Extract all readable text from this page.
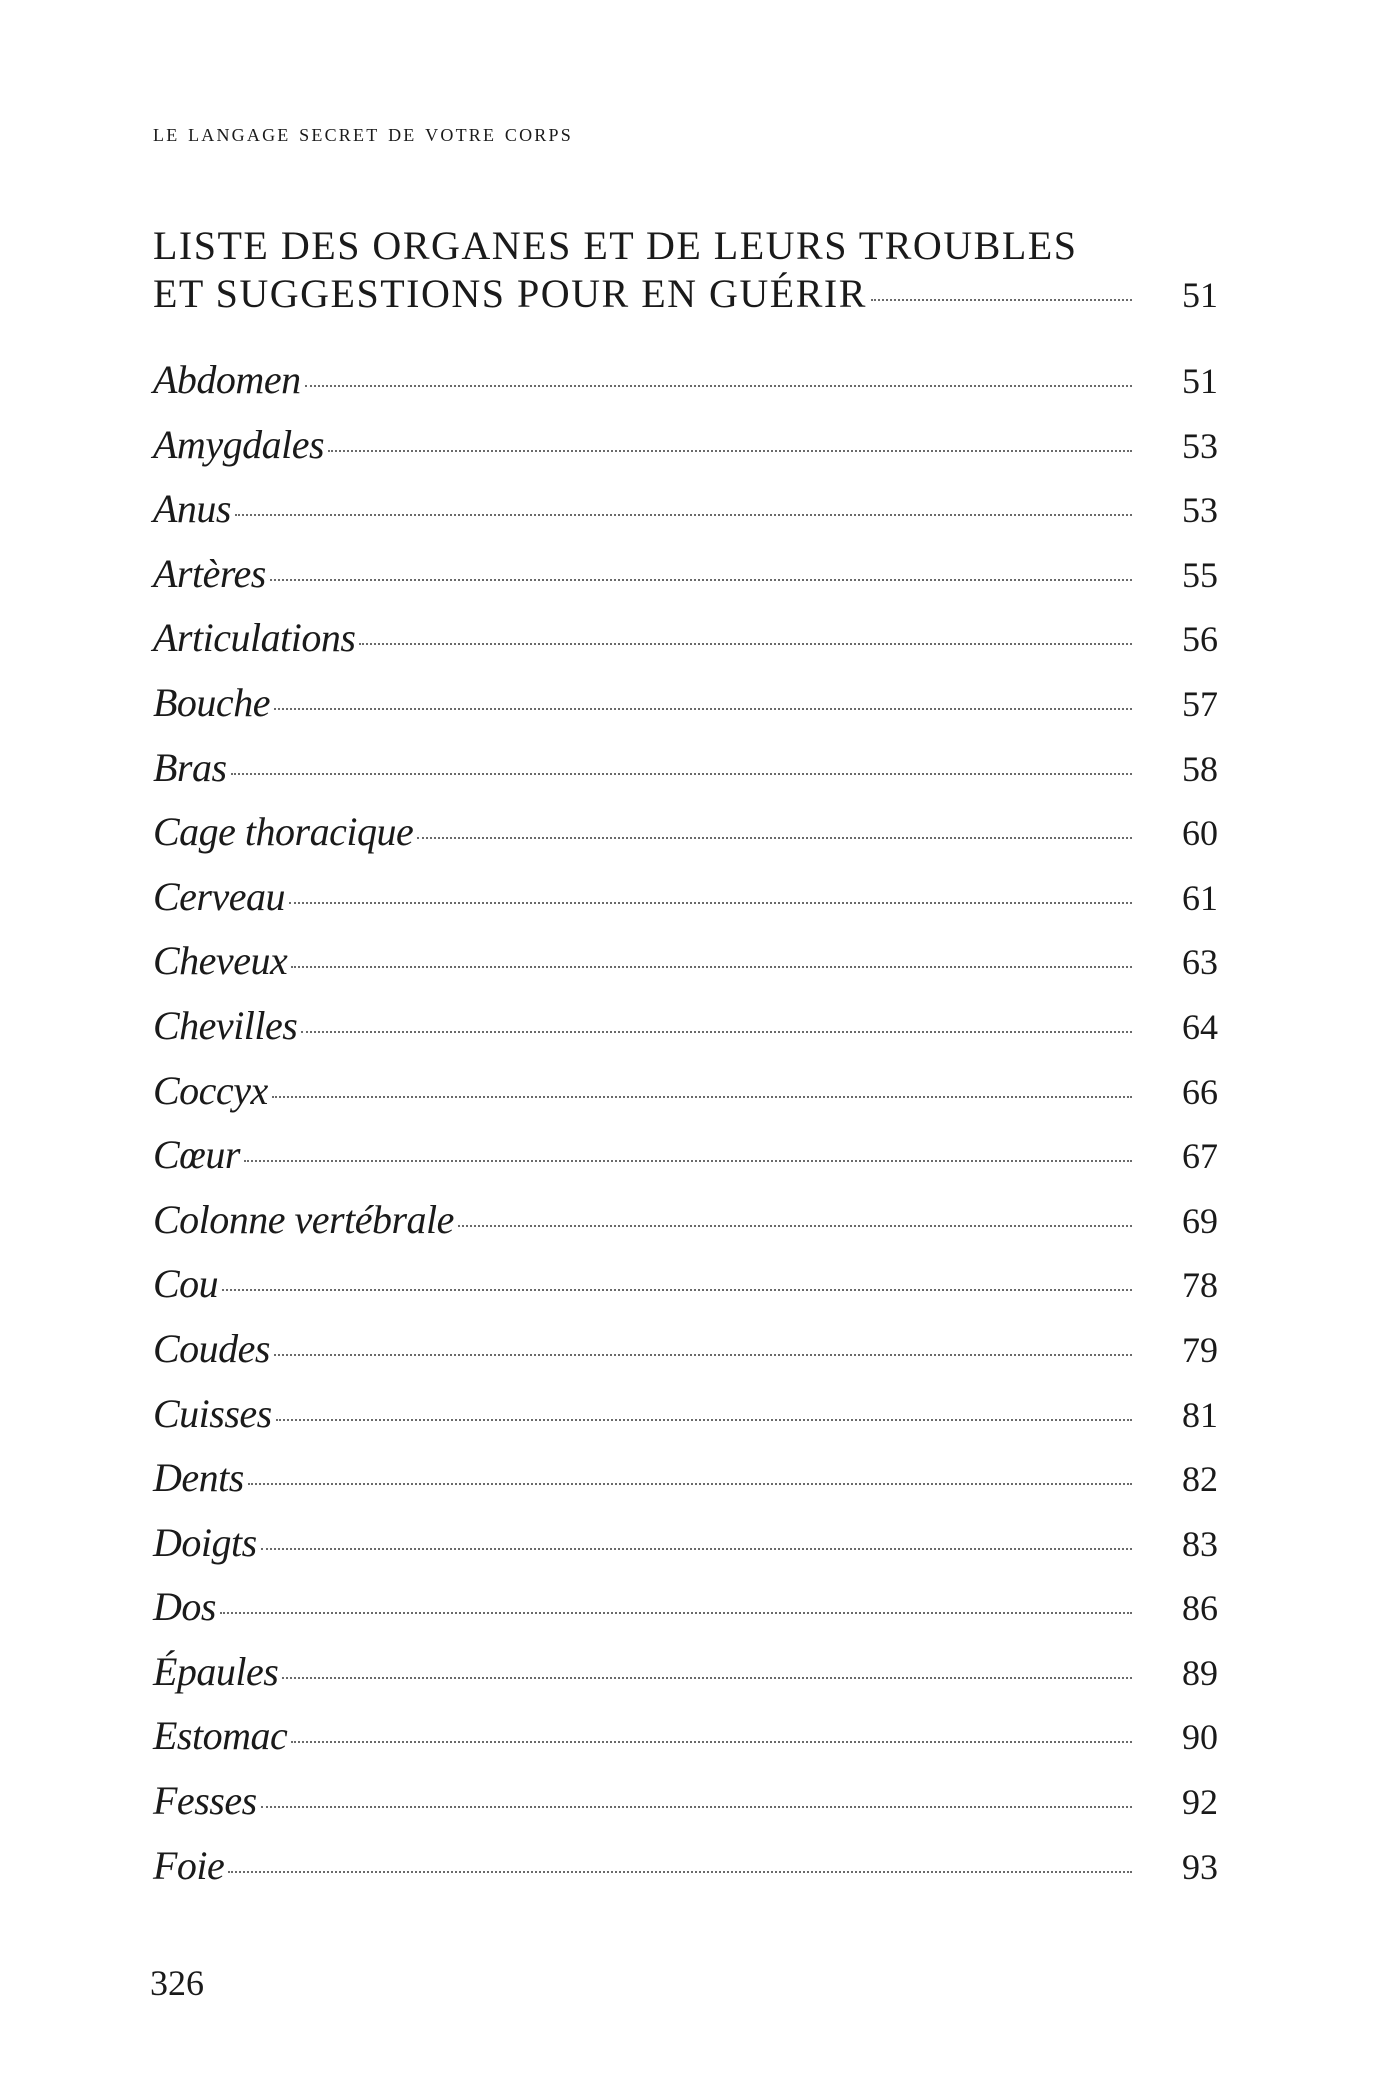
le langage secret de votre corps
LISTE DES ORGANES ET DE LEURS TROUBLES
ET SUGGESTIONS POUR EN GUÉRIR	51
Abdomen	51
Amygdales	53
Anus	53
Artères	55
Articulations	56
Bouche	57
Bras	58
Cage thoracique	60
Cerveau	61
Cheveux	63
Chevilles	64
Coccyx	66
Cœur	67
Colonne vertébrale	69
Cou	78
Coudes	79
Cuisses	81
Dents	82
Doigts	83
Dos	86
Épaules	89
Estomac	90
Fesses	92
Foie	93
326
